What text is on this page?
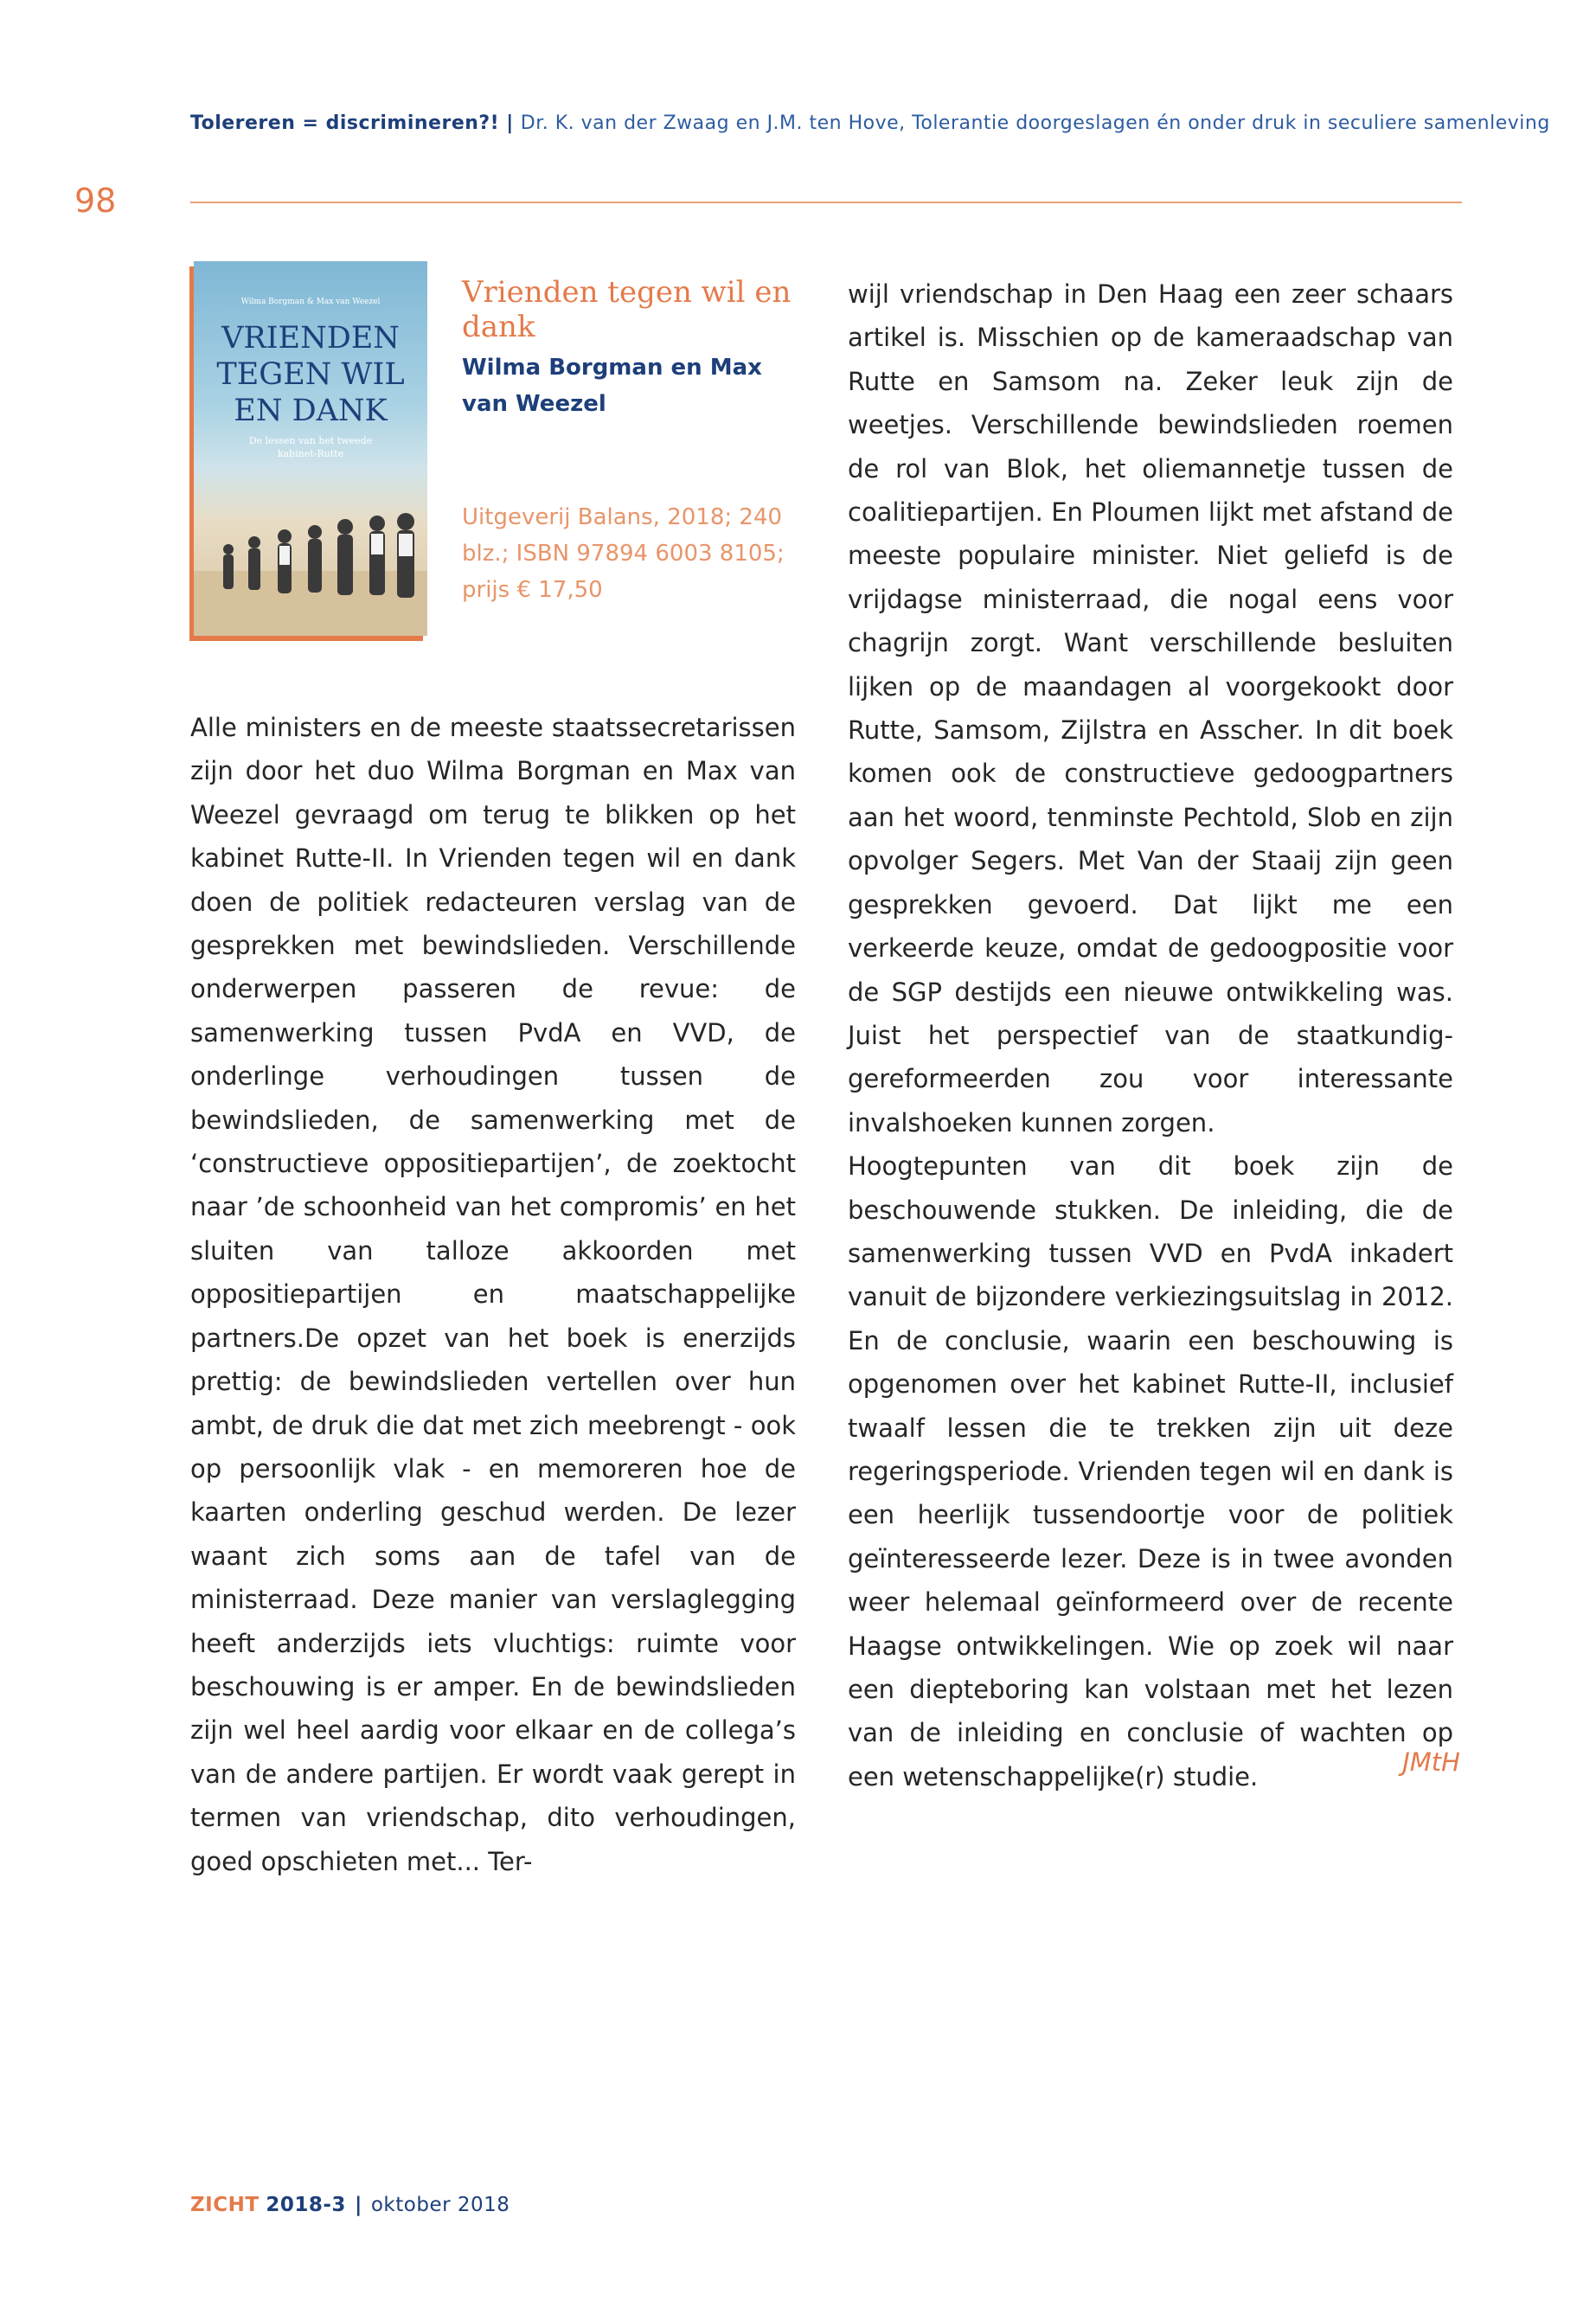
Tolereren = discrimineren?! | Dr. K. van der Zwaag en J.M. ten Hove, Tolerantie doorgeslagen én onder druk in seculiere samenleving
98
Wilma Borgman & Max van Weezel
VRIENDEN TEGEN WIL EN DANK
De lessen van het tweede kabinet-Rutte
Vrienden tegen wil en dank
Wilma Borgman en Max van Weezel
Uitgeverij Balans, 2018; 240 blz.; ISBN 97894 6003 8105; prijs € 17,50

Alle ministers en de meeste staatssecretarissen zijn door het duo Wilma Borgman en Max van Weezel gevraagd om terug te blikken op het kabinet Rutte-II. In Vrienden tegen wil en dank doen de politiek redacteuren verslag van de gesprekken met bewindslieden. Verschillende onderwerpen passeren de revue: de samenwerking tussen PvdA en VVD, de onderlinge verhoudingen tussen de bewindslieden, de samenwerking met de ‘constructieve oppositiepartijen’, de zoektocht naar ’de schoonheid van het compromis’ en het sluiten van talloze akkoorden met oppositiepartijen en maatschappelijke partners.De opzet van het boek is enerzijds prettig: de bewindslieden vertellen over hun ambt, de druk die dat met zich meebrengt - ook op persoonlijk vlak - en memoreren hoe de kaarten onderling geschud werden. De lezer waant zich soms aan de tafel van de ministerraad. Deze manier van verslaglegging heeft anderzijds iets vluchtigs: ruimte voor beschouwing is er amper. En de bewindslieden zijn wel heel aardig voor elkaar en de collega’s van de andere partijen. Er wordt vaak gerept in termen van vriendschap, dito verhoudingen, goed opschieten met... Ter-

wijl vriendschap in Den Haag een zeer schaars artikel is. Misschien op de kameraadschap van Rutte en Samsom na. Zeker leuk zijn de weetjes. Verschillende bewindslieden roemen de rol van Blok, het oliemannetje tussen de coalitiepartijen. En Ploumen lijkt met afstand de meeste populaire minister. Niet geliefd is de vrijdagse ministerraad, die nogal eens voor chagrijn zorgt. Want verschillende besluiten lijken op de maandagen al voorgekookt door Rutte, Samsom, Zijlstra en Asscher. In dit boek komen ook de constructieve gedoogpartners aan het woord, tenminste Pechtold, Slob en zijn opvolger Segers. Met Van der Staaij zijn geen gesprekken gevoerd. Dat lijkt me een verkeerde keuze, omdat de gedoogpositie voor de SGP destijds een nieuwe ontwikkeling was. Juist het perspectief van de staatkundig-gereformeerden zou voor interessante invalshoeken kunnen zorgen.

Hoogtepunten van dit boek zijn de beschouwende stukken. De inleiding, die de samenwerking tussen VVD en PvdA inkadert vanuit de bijzondere verkiezingsuitslag in 2012. En de conclusie, waarin een beschouwing is opgenomen over het kabinet Rutte-II, inclusief twaalf lessen die te trekken zijn uit deze regeringsperiode. Vrienden tegen wil en dank is een heerlijk tussendoortje voor de politiek geïnteresseerde lezer. Deze is in twee avonden weer helemaal geïnformeerd over de recente Haagse ontwikkelingen. Wie op zoek wil naar een diepteboring kan volstaan met het lezen van de inleiding en conclusie of wachten op een wetenschappelijke(r) studie.	JMtH
ZICHT 2018-3 | oktober 2018
